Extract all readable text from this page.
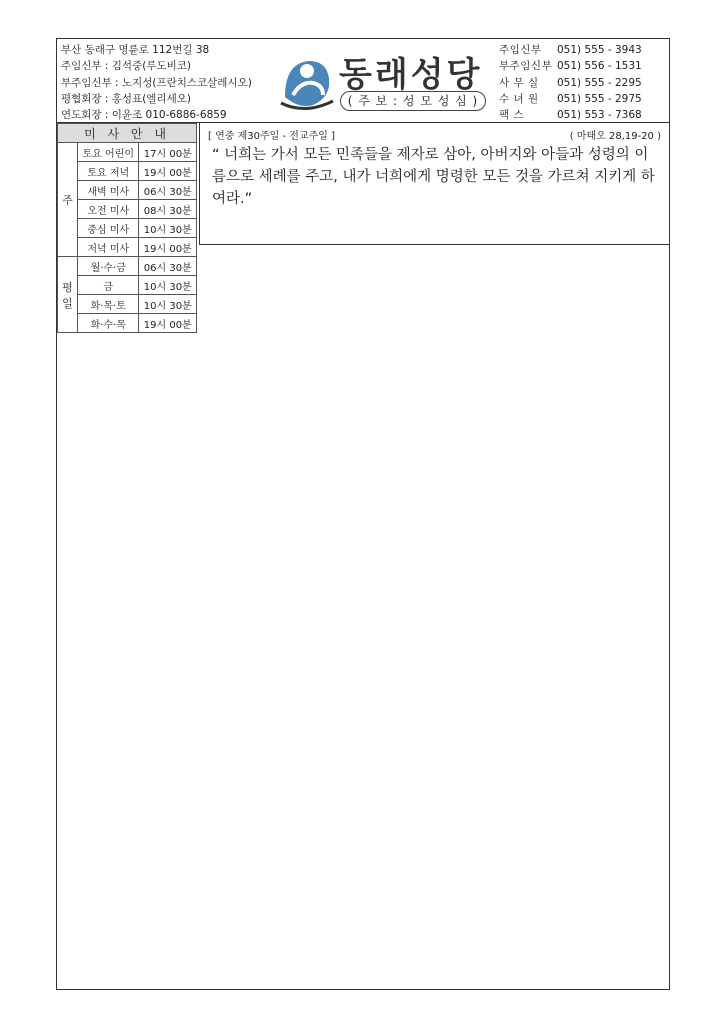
부산 동래구 명륜로 112번길 38
주임신부 : 김석중(루도비코)
부주임신부 : 노지성(프란치스코살레시오)
평협회장 : 홍성표(엘리세오)
연도회장 : 이윤조 010-6886-6859
동래성당
( 주 보 : 성 모 성 심 )
주임신부	051) 555 - 3943
부주임신부 051) 556 - 1531
사 무 실	051) 555 - 2295
수 녀 원	051) 555 - 2975
팩 스	051) 553 - 7368
[ 연중 제30주일 - 전교주일 ]	( 마태오 28,19-20 )
“ 너희는 가서 모든 민족들을 제자로 삼아, 아버지와 아들과 성령의 이름으로 세례를 주고, 내가 너희에게 명령한 모든 것을 가르쳐 지키게 하여라.”
미 사 안 내		
주	토요 어린이	17시 00분
	토요 저녁	19시 00분
	새벽 미사	06시 30분
	오전 미사	08시 30분
	중심 미사	10시 30분
	저녁 미사	19시 00분
평일	월·수·금	06시 30분
	금	10시 30분
	화·목·토	10시 30분
	화·수·목	19시 00분
